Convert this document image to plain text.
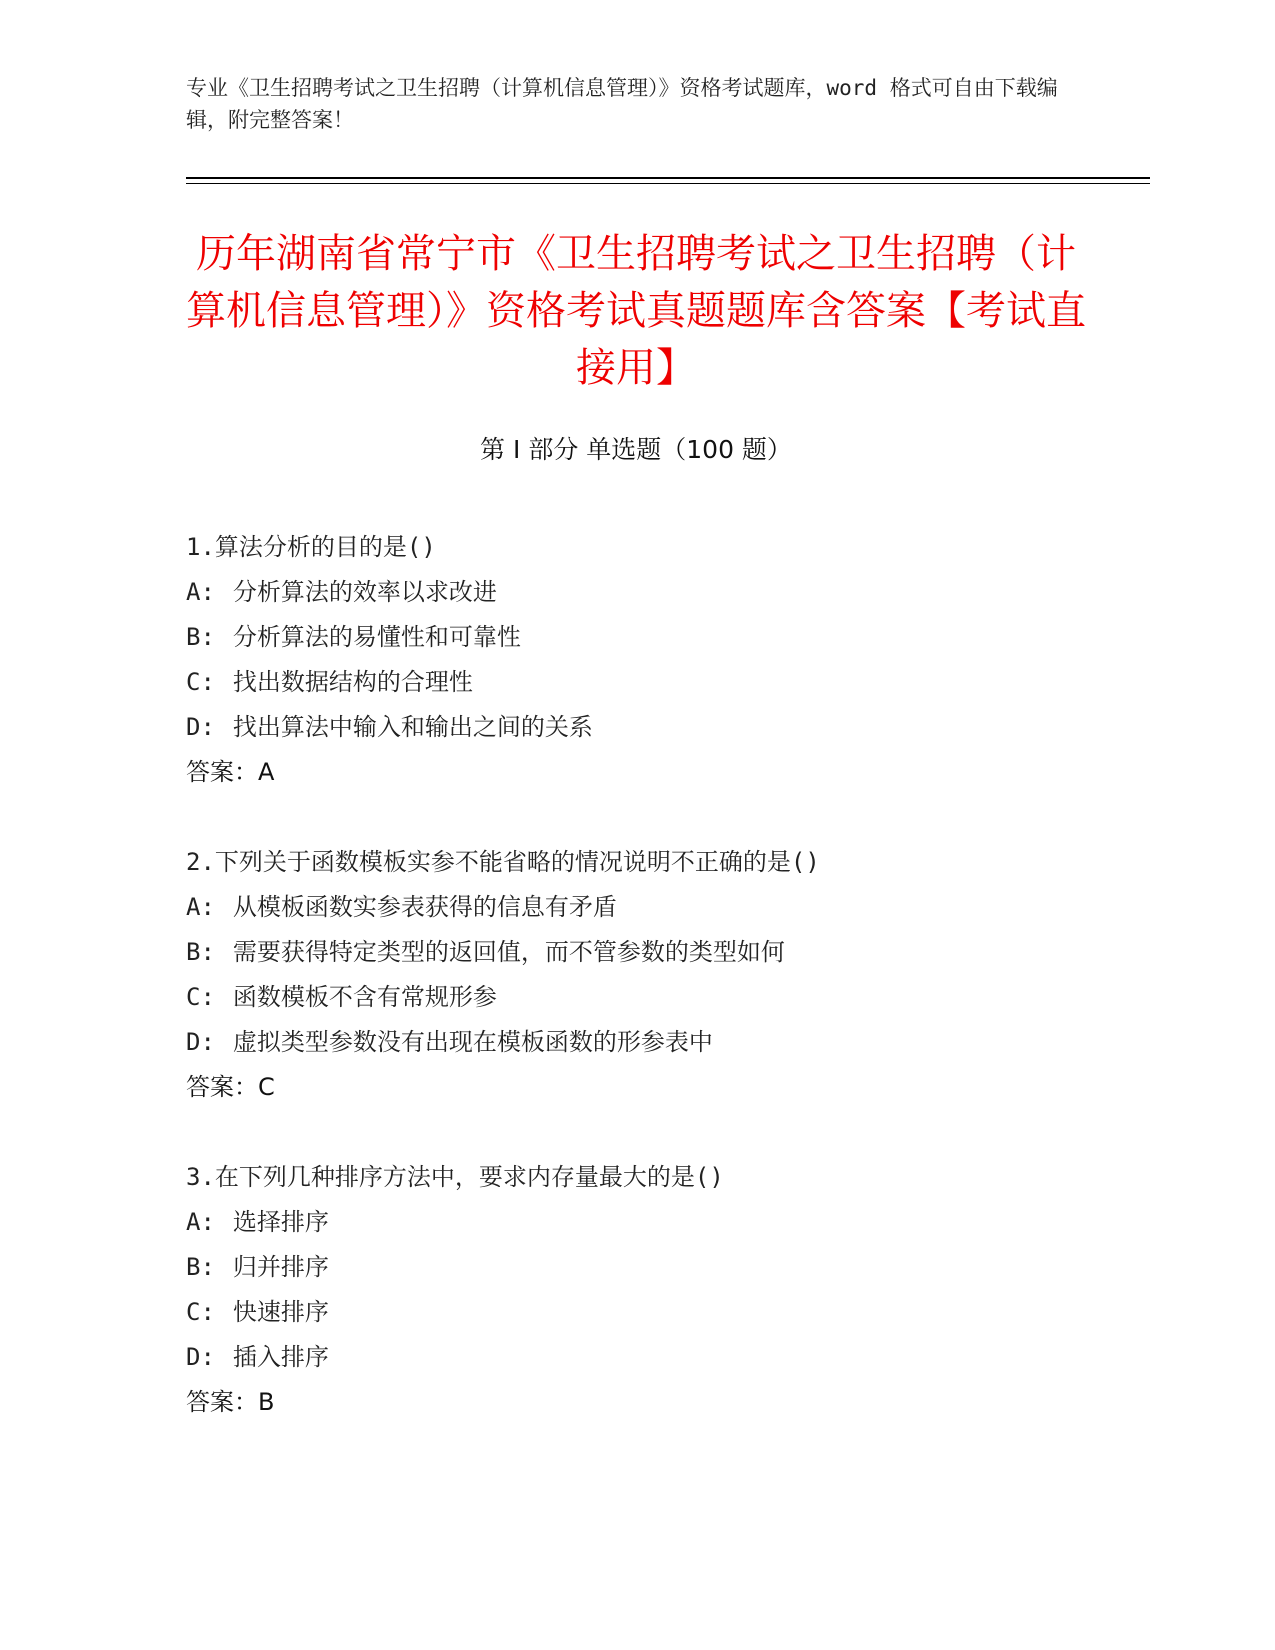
专业《卫生招聘考试之卫生招聘（计算机信息管理）》资格考试题库，word 格式可自由下载编辑，附完整答案！

历年湖南省常宁市《卫生招聘考试之卫生招聘（计算机信息管理）》资格考试真题题库含答案【考试直接用】
第 I 部分 单选题（100 题）
1.算法分析的目的是()
A: 分析算法的效率以求改进
B: 分析算法的易懂性和可靠性
C: 找出数据结构的合理性
D: 找出算法中输入和输出之间的关系
答案：A
2.下列关于函数模板实参不能省略的情况说明不正确的是()
A: 从模板函数实参表获得的信息有矛盾
B: 需要获得特定类型的返回值，而不管参数的类型如何
C: 函数模板不含有常规形参
D: 虚拟类型参数没有出现在模板函数的形参表中
答案：C
3.在下列几种排序方法中，要求内存量最大的是()
A: 选择排序
B: 归并排序
C: 快速排序
D: 插入排序
答案：B
